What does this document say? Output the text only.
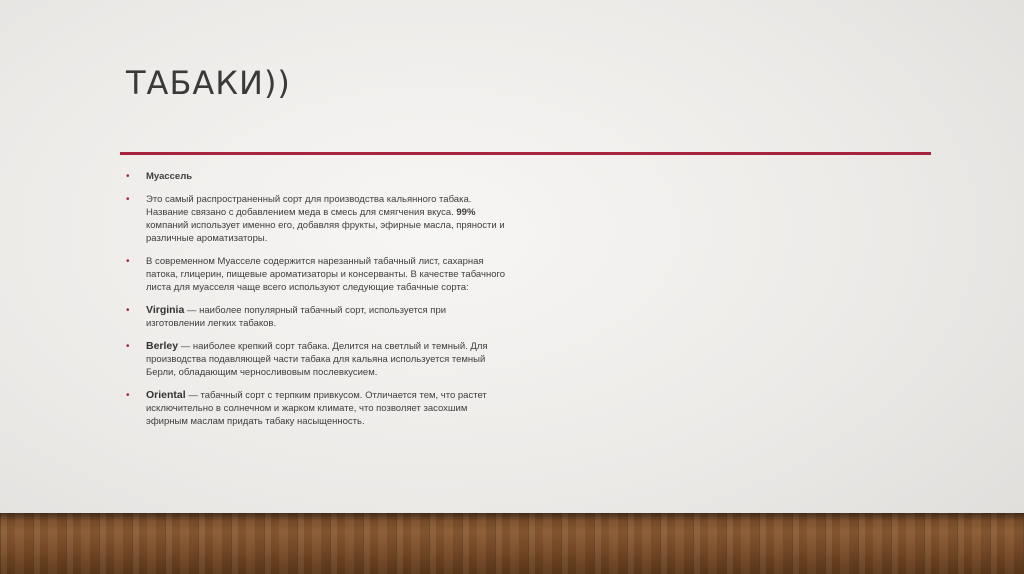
ТАБАКИ))
• Муассель
• Это самый распространенный сорт для производства кальянного табака. Название связано с добавлением меда в смесь для смягчения вкуса. 99% компаний использует именно его, добавляя фрукты, эфирные масла, пряности и различные ароматизаторы.
• В современном Муасселе содержится нарезанный табачный лист, сахарная патока, глицерин, пищевые ароматизаторы и консерванты. В качестве табачного листа для муасселя чаще всего используют следующие табачные сорта:
• Virginia — наиболее популярный табачный сорт, используется при изготовлении легких табаков.
• Berley — наиболее крепкий сорт табака. Делится на светлый и темный. Для производства подавляющей части табака для кальяна используется темный Берли, обладающим черносливовым послевкусием.
• Oriental — табачный сорт с терпким привкусом. Отличается тем, что растет исключительно в солнечном и жарком климате, что позволяет засохшим эфирным маслам придать табаку насыщенность.
